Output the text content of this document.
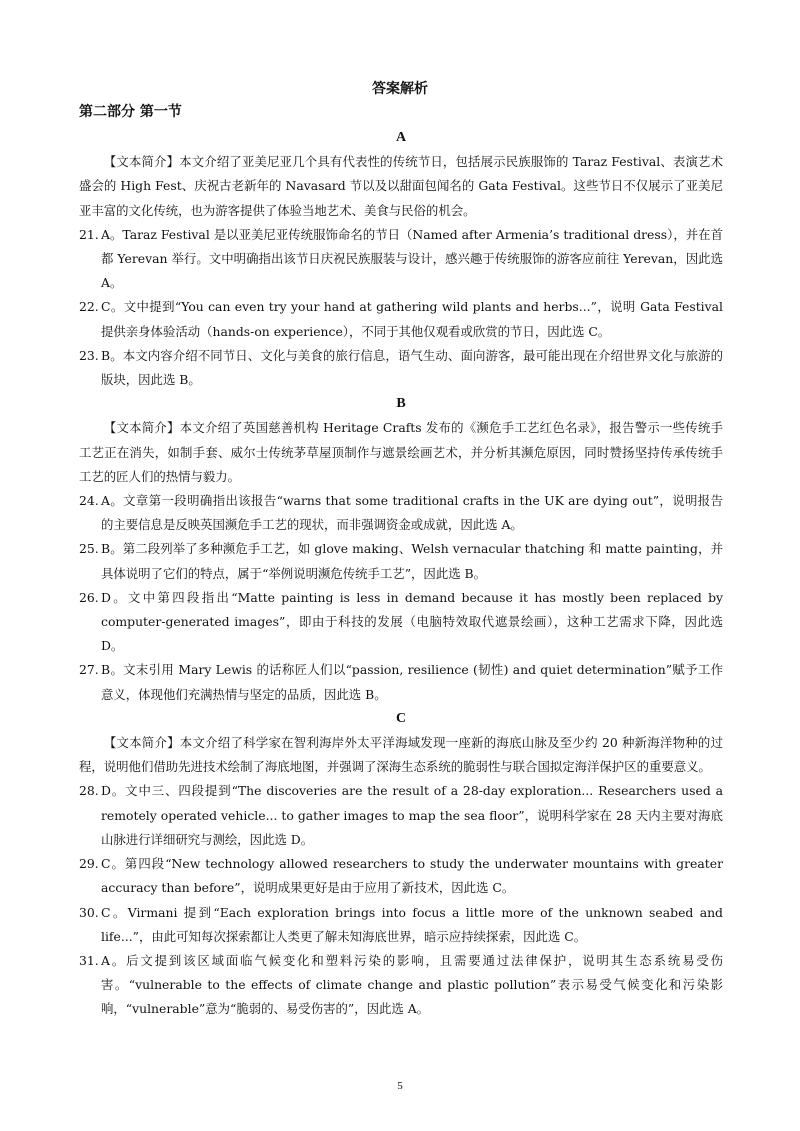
答案解析
第二部分 第一节
A

【文本简介】本文介绍了亚美尼亚几个具有代表性的传统节日，包括展示民族服饰的 Taraz Festival、表演艺术盛会的 High Fest、庆祝古老新年的 Navasard 节以及以甜面包闻名的 Gata Festival。这些节日不仅展示了亚美尼亚丰富的文化传统，也为游客提供了体验当地艺术、美食与民俗的机会。

21. A。Taraz Festival 是以亚美尼亚传统服饰命名的节日（Named after Armenia’s traditional dress），并在首都 Yerevan 举行。文中明确指出该节日庆祝民族服装与设计，感兴趣于传统服饰的游客应前往 Yerevan，因此选 A。

22. C。文中提到“You can even try your hand at gathering wild plants and herbs...”，说明 Gata Festival 提供亲身体验活动（hands-on experience），不同于其他仅观看或欣赏的节日，因此选 C。

23. B。本文内容介绍不同节日、文化与美食的旅行信息，语气生动、面向游客，最可能出现在介绍世界文化与旅游的版块，因此选 B。

B

【文本简介】本文介绍了英国慈善机构 Heritage Crafts 发布的《濒危手工艺红色名录》，报告警示一些传统手工艺正在消失，如制手套、威尔士传统茅草屋顶制作与遮景绘画艺术，并分析其濒危原因，同时赞扬坚持传承传统手工艺的匠人们的热情与毅力。

24. A。文章第一段明确指出该报告“warns that some traditional crafts in the UK are dying out”，说明报告的主要信息是反映英国濒危手工艺的现状，而非强调资金或成就，因此选 A。

25. B。第二段列举了多种濒危手工艺，如 glove making、Welsh vernacular thatching 和 matte painting，并具体说明了它们的特点，属于“举例说明濒危传统手工艺”，因此选 B。

26. D。文中第四段指出“Matte painting is less in demand because it has mostly been replaced by computer-generated images”，即由于科技的发展（电脑特效取代遮景绘画），这种工艺需求下降，因此选 D。

27. B。文末引用 Mary Lewis 的话称匠人们以“passion, resilience (韧性) and quiet determination”赋予工作意义，体现他们充满热情与坚定的品质，因此选 B。

C

【文本简介】本文介绍了科学家在智利海岸外太平洋海域发现一座新的海底山脉及至少约 20 种新海洋物种的过程，说明他们借助先进技术绘制了海底地图，并强调了深海生态系统的脆弱性与联合国拟定海洋保护区的重要意义。

28. D。文中三、四段提到“The discoveries are the result of a 28-day exploration... Researchers used a remotely operated vehicle... to gather images to map the sea floor”，说明科学家在 28 天内主要对海底山脉进行详细研究与测绘，因此选 D。

29. C。第四段“New technology allowed researchers to study the underwater mountains with greater accuracy than before”，说明成果更好是由于应用了新技术，因此选 C。

30. C。Virmani 提到“Each exploration brings into focus a little more of the unknown seabed and life...”，由此可知每次探索都让人类更了解未知海底世界，暗示应持续探索，因此选 C。

31. A。后文提到该区域面临气候变化和塑料污染的影响，且需要通过法律保护，说明其生态系统易受伤害。“vulnerable to the effects of climate change and plastic pollution”表示易受气候变化和污染影响，“vulnerable”意为“脆弱的、易受伤害的”，因此选 A。

5
